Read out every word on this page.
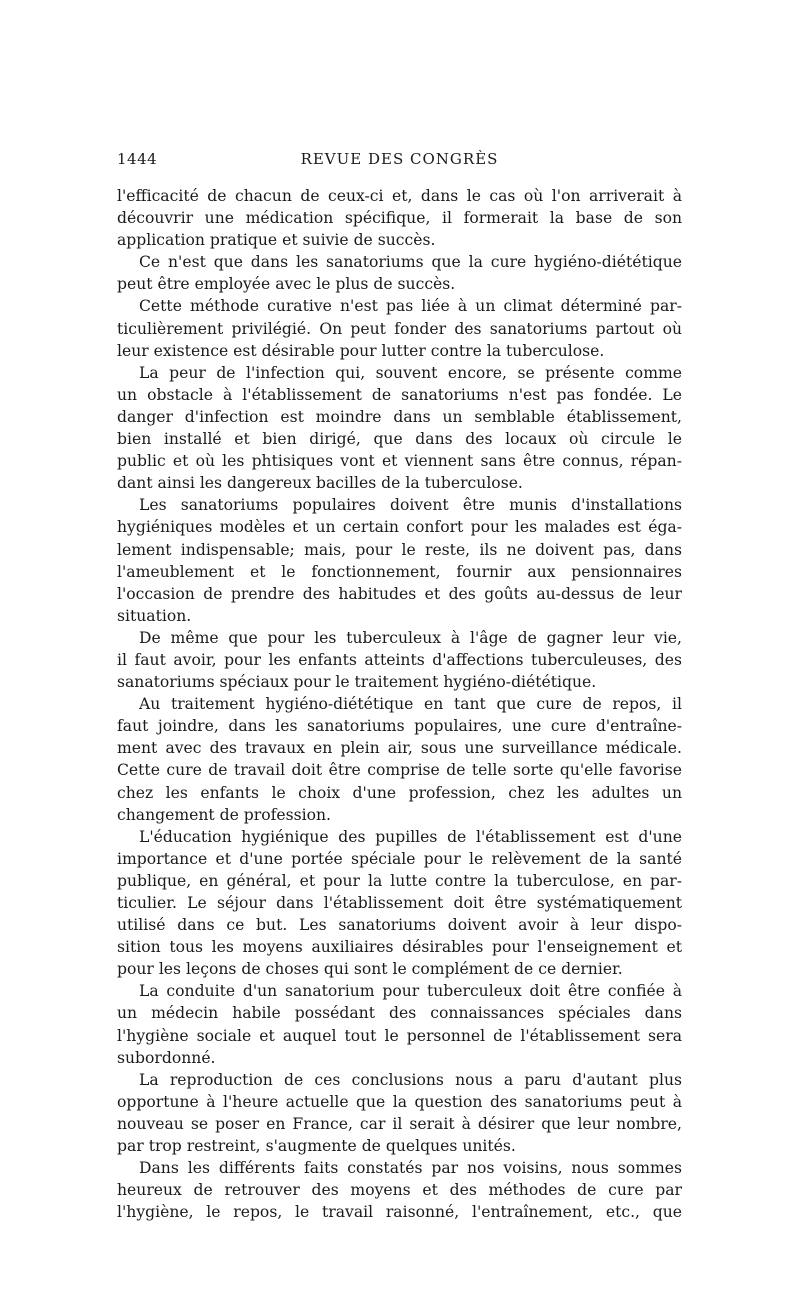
1444	REVUE DES CONGRÈS
l'efficacité de chacun de ceux-ci et, dans le cas où l'on arriverait à
découvrir une médication spécifique, il formerait la base de son
application pratique et suivie de succès.
Ce n'est que dans les sanatoriums que la cure hygiéno-diététique
peut être employée avec le plus de succès.
Cette méthode curative n'est pas liée à un climat déterminé par-
ticulièrement privilégié. On peut fonder des sanatoriums partout où
leur existence est désirable pour lutter contre la tuberculose.
La peur de l'infection qui, souvent encore, se présente comme
un obstacle à l'établissement de sanatoriums n'est pas fondée. Le
danger d'infection est moindre dans un semblable établissement,
bien installé et bien dirigé, que dans des locaux où circule le
public et où les phtisiques vont et viennent sans être connus, répan-
dant ainsi les dangereux bacilles de la tuberculose.
Les sanatoriums populaires doivent être munis d'installations
hygiéniques modèles et un certain confort pour les malades est éga-
lement indispensable; mais, pour le reste, ils ne doivent pas, dans
l'ameublement et le fonctionnement, fournir aux pensionnaires
l'occasion de prendre des habitudes et des goûts au-dessus de leur
situation.
De même que pour les tuberculeux à l'âge de gagner leur vie,
il faut avoir, pour les enfants atteints d'affections tuberculeuses, des
sanatoriums spéciaux pour le traitement hygiéno-diététique.
Au traitement hygiéno-diététique en tant que cure de repos, il
faut joindre, dans les sanatoriums populaires, une cure d'entraîne-
ment avec des travaux en plein air, sous une surveillance médicale.
Cette cure de travail doit être comprise de telle sorte qu'elle favorise
chez les enfants le choix d'une profession, chez les adultes un
changement de profession.
L'éducation hygiénique des pupilles de l'établissement est d'une
importance et d'une portée spéciale pour le relèvement de la santé
publique, en général, et pour la lutte contre la tuberculose, en par-
ticulier. Le séjour dans l'établissement doit être systématiquement
utilisé dans ce but. Les sanatoriums doivent avoir à leur dispo-
sition tous les moyens auxiliaires désirables pour l'enseignement et
pour les leçons de choses qui sont le complément de ce dernier.
La conduite d'un sanatorium pour tuberculeux doit être confiée à
un médecin habile possédant des connaissances spéciales dans
l'hygiène sociale et auquel tout le personnel de l'établissement sera
subordonné.
La reproduction de ces conclusions nous a paru d'autant plus
opportune à l'heure actuelle que la question des sanatoriums peut à
nouveau se poser en France, car il serait à désirer que leur nombre,
par trop restreint, s'augmente de quelques unités.
Dans les différents faits constatés par nos voisins, nous sommes
heureux de retrouver des moyens et des méthodes de cure par
l'hygiène, le repos, le travail raisonné, l'entraînement, etc., que
